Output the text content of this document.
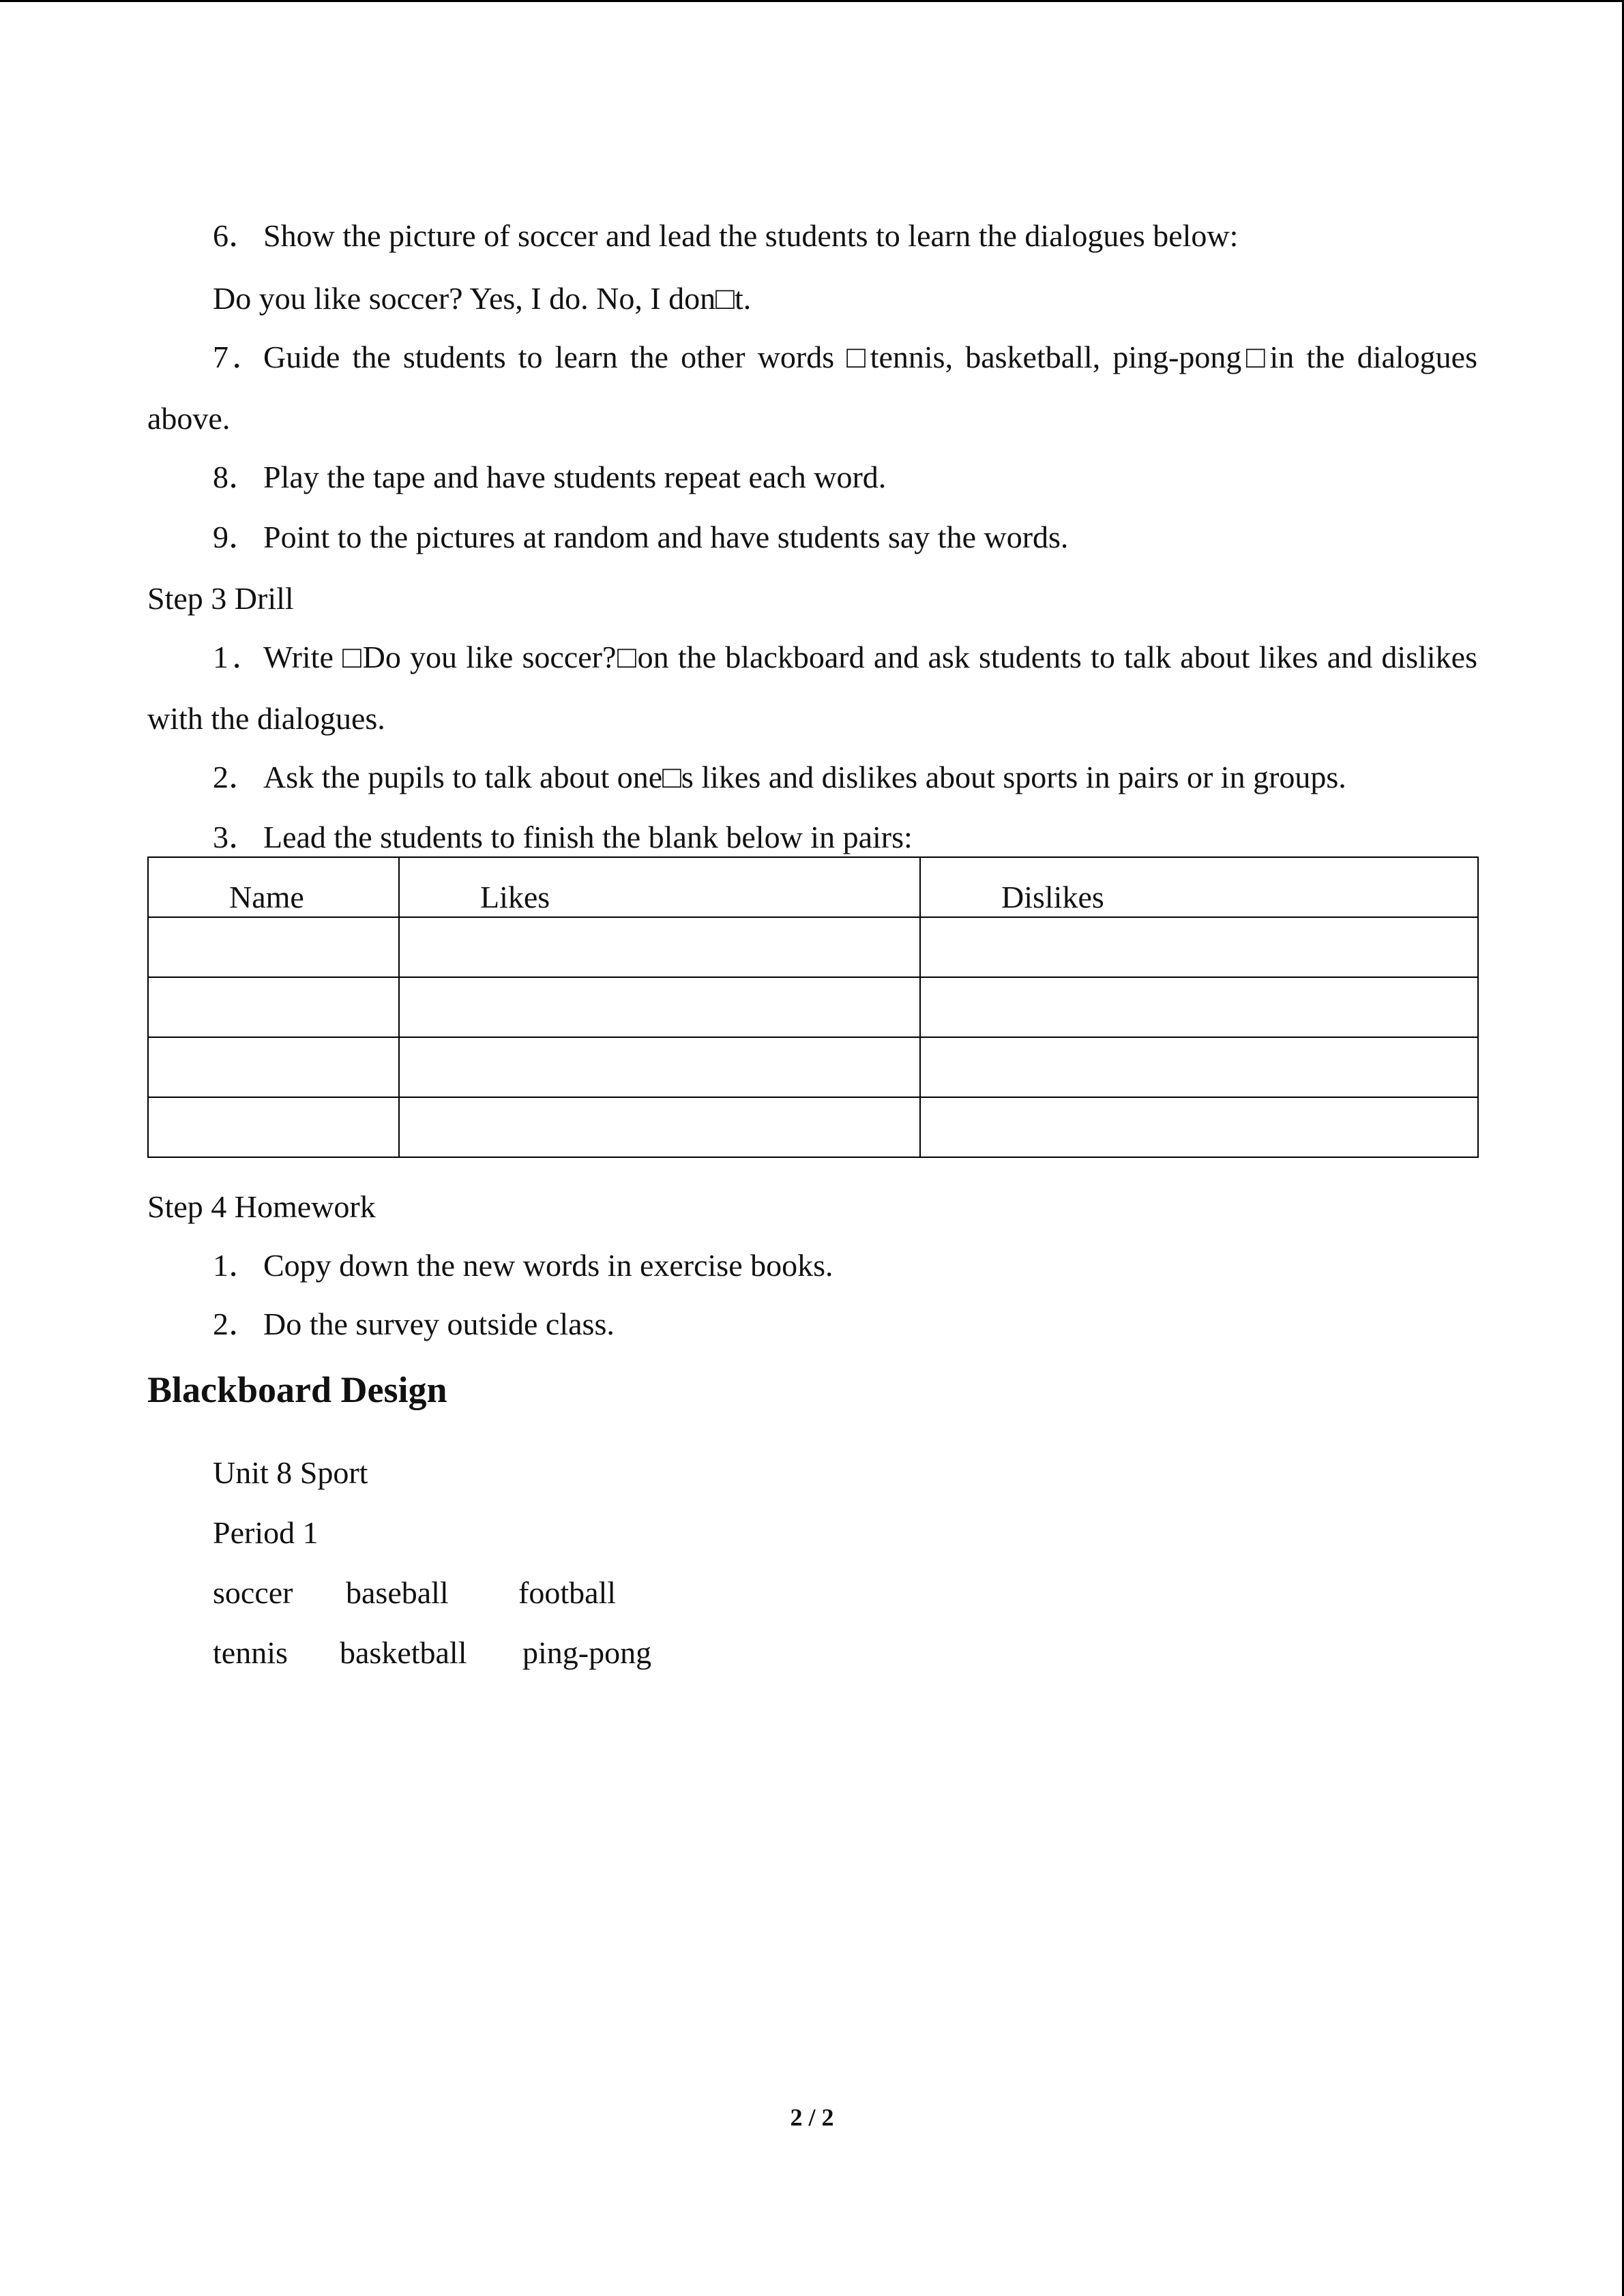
6． Show the picture of soccer and lead the students to learn the dialogues below:
Do you like soccer? Yes, I do. No, I don□t.
7．Guide the students to learn the other words □tennis, basketball, ping-pong□in the dialogues
above.
8． Play the tape and have students repeat each word.
9． Point to the pictures at random and have students say the words.
Step 3 Drill
1．Write □Do you like soccer?□on the blackboard and ask students to talk about likes and dislikes
with the dialogues.
2． Ask the pupils to talk about one□s likes and dislikes about sports in pairs or in groups.
3． Lead the students to finish the blank below in pairs:
Name	Likes	Dislikes

Step 4 Homework
1． Copy down the new words in exercise books.
2． Do the survey outside class.
Blackboard Design
Unit 8 Sport
Period 1
soccer baseball football
tennis basketball ping-pong
2 / 2
